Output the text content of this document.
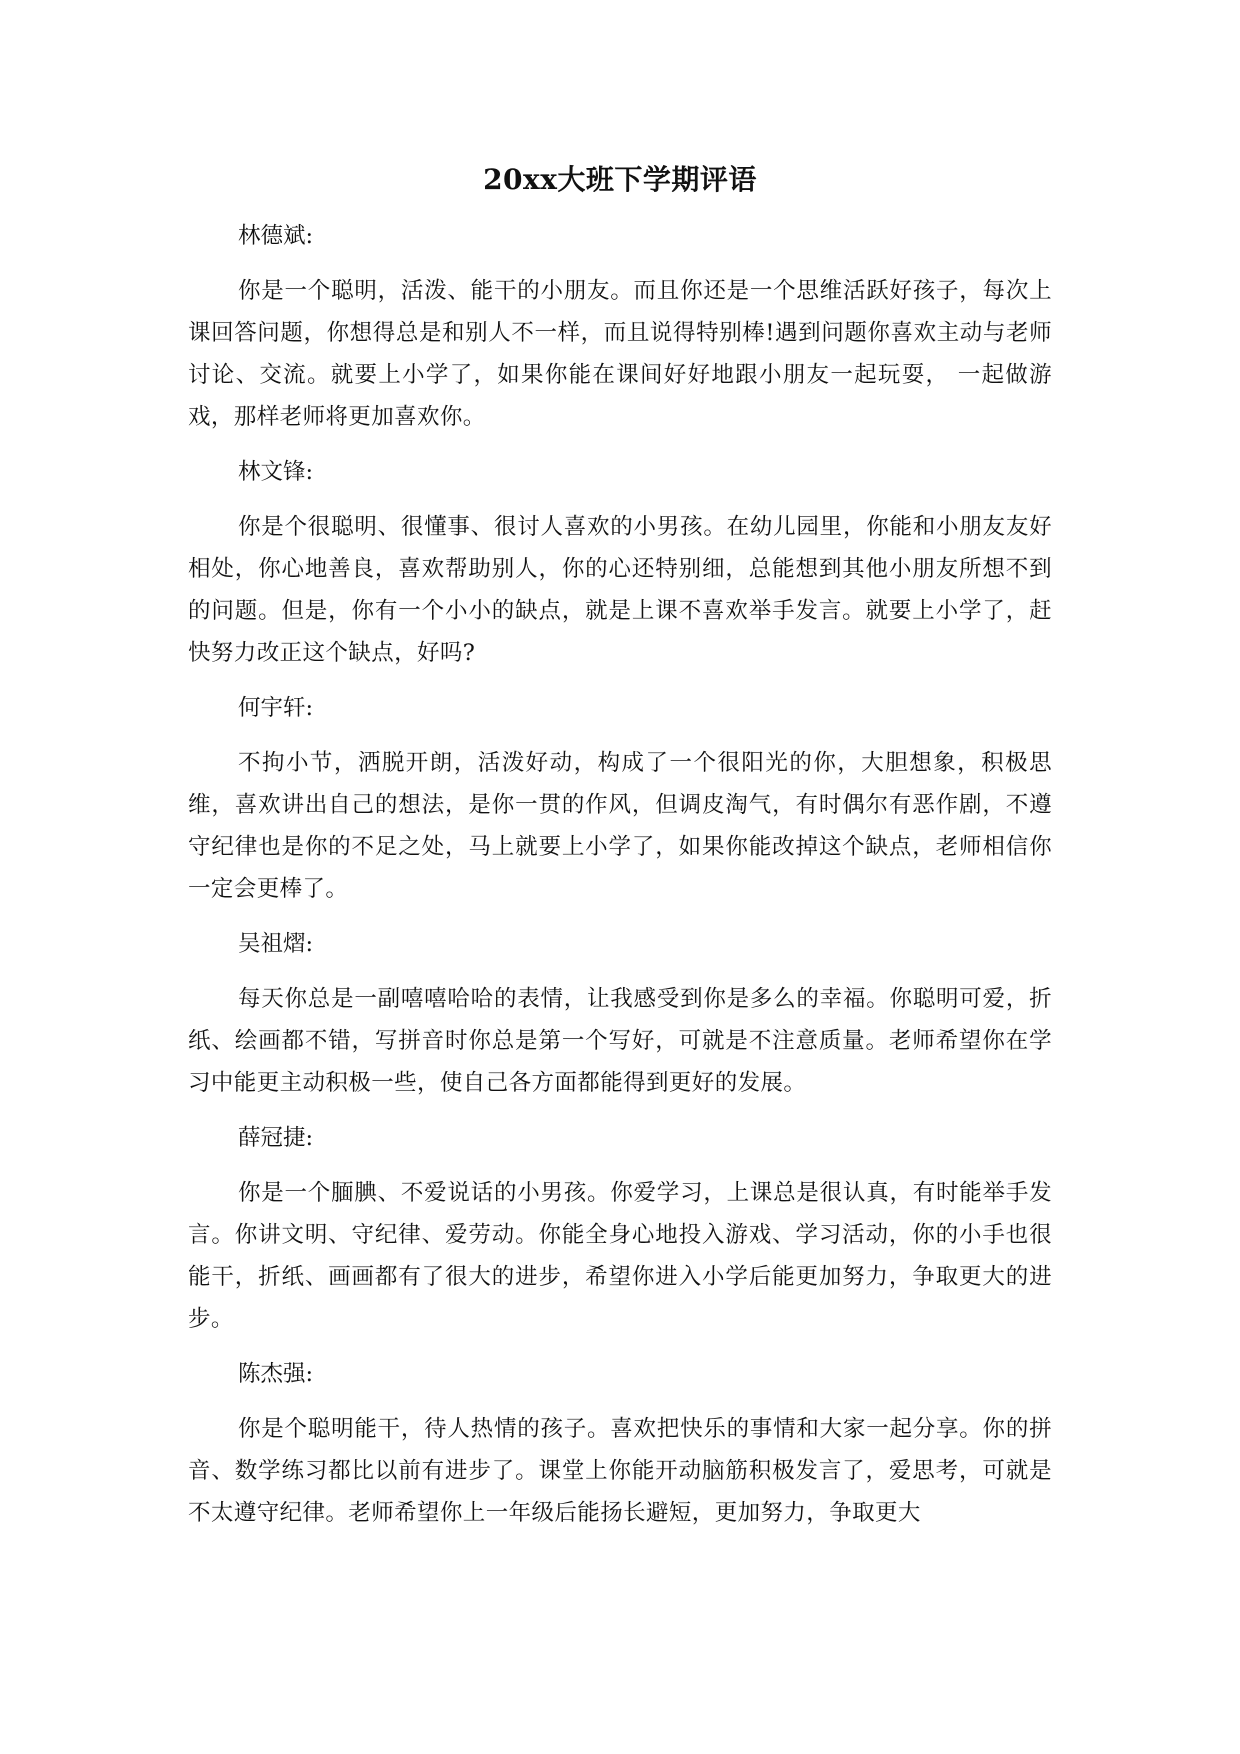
20xx大班下学期评语

林德斌:

你是一个聪明，活泼、能干的小朋友。而且你还是一个思维活跃好孩子，每次上课回答问题，你想得总是和别人不一样，而且说得特别棒!遇到问题你喜欢主动与老师讨论、交流。就要上小学了，如果你能在课间好好地跟小朋友一起玩耍， 一起做游戏，那样老师将更加喜欢你。

林文锋:

你是个很聪明、很懂事、很讨人喜欢的小男孩。在幼儿园里，你能和小朋友友好相处，你心地善良，喜欢帮助别人，你的心还特别细，总能想到其他小朋友所想不到的问题。但是，你有一个小小的缺点，就是上课不喜欢举手发言。就要上小学了，赶快努力改正这个缺点，好吗?

何宇轩:

不拘小节，洒脱开朗，活泼好动，构成了一个很阳光的你，大胆想象，积极思维，喜欢讲出自己的想法，是你一贯的作风，但调皮淘气，有时偶尔有恶作剧，不遵守纪律也是你的不足之处，马上就要上小学了，如果你能改掉这个缺点，老师相信你一定会更棒了。

吴祖熠:

每天你总是一副嘻嘻哈哈的表情，让我感受到你是多么的幸福。你聪明可爱，折纸、绘画都不错，写拼音时你总是第一个写好，可就是不注意质量。老师希望你在学习中能更主动积极一些，使自己各方面都能得到更好的发展。

薛冠捷:

你是一个腼腆、不爱说话的小男孩。你爱学习，上课总是很认真，有时能举手发言。你讲文明、守纪律、爱劳动。你能全身心地投入游戏、学习活动，你的小手也很能干，折纸、画画都有了很大的进步，希望你进入小学后能更加努力，争取更大的进步。

陈杰强:

你是个聪明能干，待人热情的孩子。喜欢把快乐的事情和大家一起分享。你的拼音、数学练习都比以前有进步了。课堂上你能开动脑筋积极发言了，爱思考，可就是不太遵守纪律。老师希望你上一年级后能扬长避短，更加努力，争取更大
